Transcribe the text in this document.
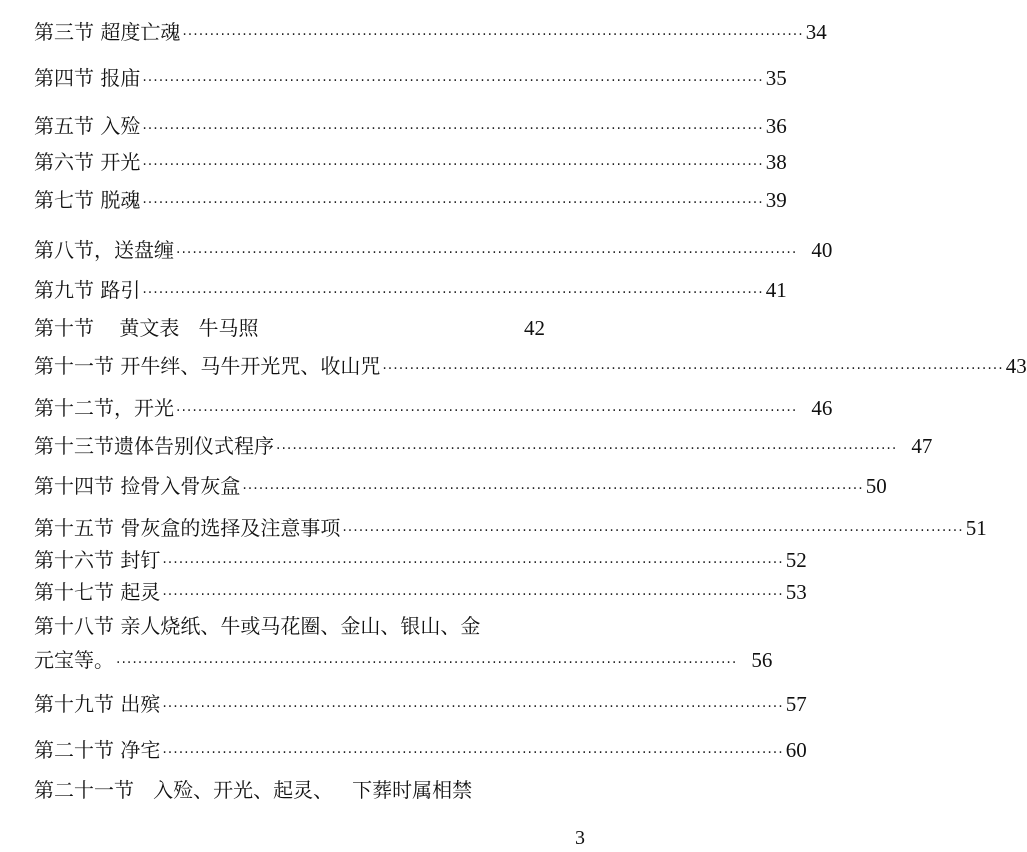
第三节 超度亡魂 ·················································································································· 34
第四节 报庙 ·················································································································· 35
第五节 入殓 ·················································································································· 36
第六节 开光 ·················································································································· 38
第七节 脱魂 ·················································································································· 39
第八节，送盘缠 ·················································································································· 40
第九节 路引 ·················································································································· 41
第十节    黄文表   牛马照	42
第十一节 开牛绊、马牛开光咒、收山咒 ·················································································································· 43
第十二节，开光 ·················································································································· 46
第十三节遗体告别仪式程序 ·················································································································· 47
第十四节 捡骨入骨灰盒 ·················································································································· 50
第十五节 骨灰盒的选择及注意事项 ·················································································································· 51
第十六节 封钉 ·················································································································· 52
第十七节 起灵 ·················································································································· 53
第十八节 亲人烧纸、牛或马花圈、金山、银山、金
元宝等。 ·················································································································· 56
第十九节 出殡 ·················································································································· 57
第二十节 净宅 ·················································································································· 60
第二十一节   入殓、开光、起灵、   下葬时属相禁
3
